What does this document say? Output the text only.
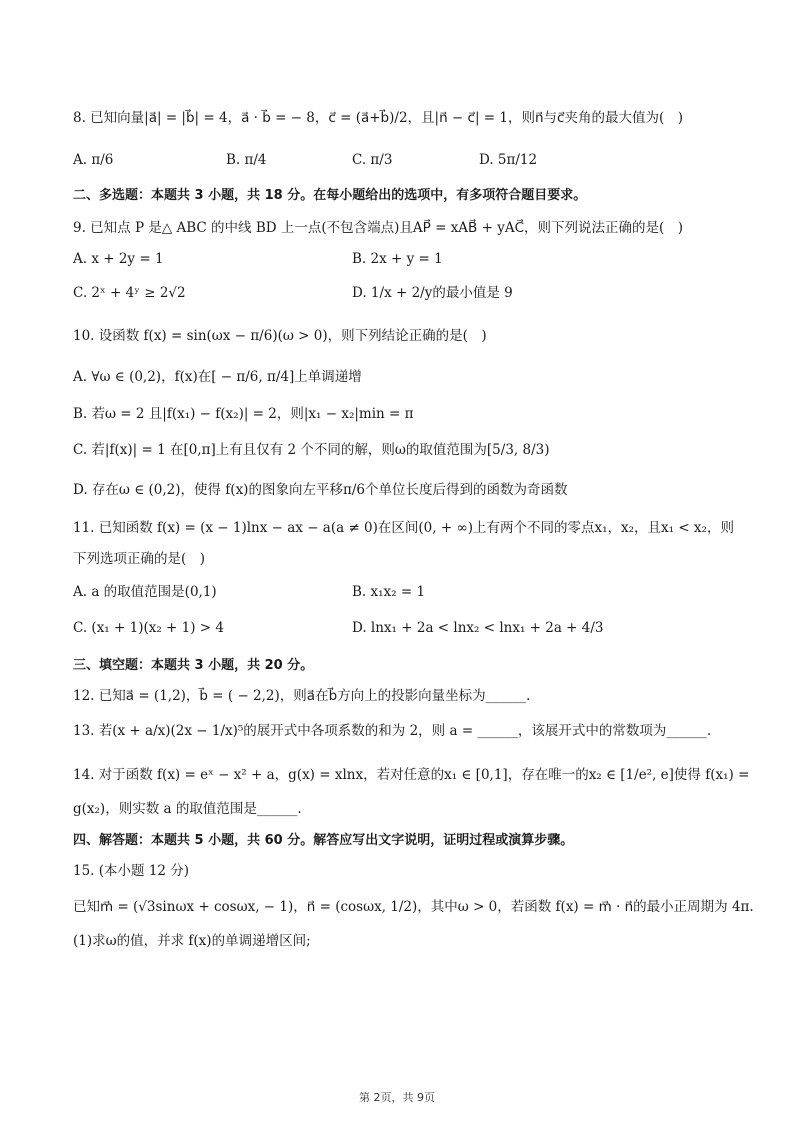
8. 已知向量|a⃗| = |b⃗| = 4，a⃗ · b⃗ = − 8，c⃗ = (a⃗+b⃗)/2，且|n⃗ − c⃗| = 1，则n⃗与c⃗夹角的最大值为(　)
A. π/6	B. π/4	C. π/3	D. 5π/12
二、多选题：本题共 3 小题，共 18 分。在每小题给出的选项中，有多项符合题目要求。
9. 已知点 P 是△ ABC 的中线 BD 上一点(不包含端点)且AP⃗ = xAB⃗ + yAC⃗，则下列说法正确的是(　)
A. x + 2y = 1	B. 2x + y = 1
C. 2ˣ + 4ʸ ≥ 2√2	D. 1/x + 2/y的最小值是 9
10. 设函数 f(x) = sin(ωx − π/6)(ω > 0)，则下列结论正确的是(　)
A. ∀ω ∈ (0,2)，f(x)在[ − π/6, π/4]上单调递增
B. 若ω = 2 且|f(x₁) − f(x₂)| = 2，则|x₁ − x₂|min = π
C. 若|f(x)| = 1 在[0,π]上有且仅有 2 个不同的解，则ω的取值范围为[5/3, 8/3)
D. 存在ω ∈ (0,2)，使得 f(x)的图象向左平移π/6个单位长度后得到的函数为奇函数
11. 已知函数 f(x) = (x − 1)lnx − ax − a(a ≠ 0)在区间(0, + ∞)上有两个不同的零点x₁，x₂，且x₁ < x₂，则
下列选项正确的是(　)
A. a 的取值范围是(0,1)	B. x₁x₂ = 1
C. (x₁ + 1)(x₂ + 1) > 4	D. lnx₁ + 2a < lnx₂ < lnx₁ + 2a + 4/3
三、填空题：本题共 3 小题，共 20 分。
12. 已知a⃗ = (1,2)，b⃗ = ( − 2,2)，则a⃗在b⃗方向上的投影向量坐标为______.
13. 若(x + a/x)(2x − 1/x)⁵的展开式中各项系数的和为 2，则 a = ______，该展开式中的常数项为______.
14. 对于函数 f(x) = eˣ − x² + a，g(x) = xlnx，若对任意的x₁ ∈ [0,1]，存在唯一的x₂ ∈ [1/e², e]使得 f(x₁) =
g(x₂)，则实数 a 的取值范围是______.
四、解答题：本题共 5 小题，共 60 分。解答应写出文字说明，证明过程或演算步骤。
15. (本小题 12 分)
已知m⃗ = (√3sinωx + cosωx, − 1)，n⃗ = (cosωx, 1/2)，其中ω > 0，若函数 f(x) = m⃗ · n⃗的最小正周期为 4π.
(1)求ω的值，并求 f(x)的单调递增区间;
第 2页，共 9页
